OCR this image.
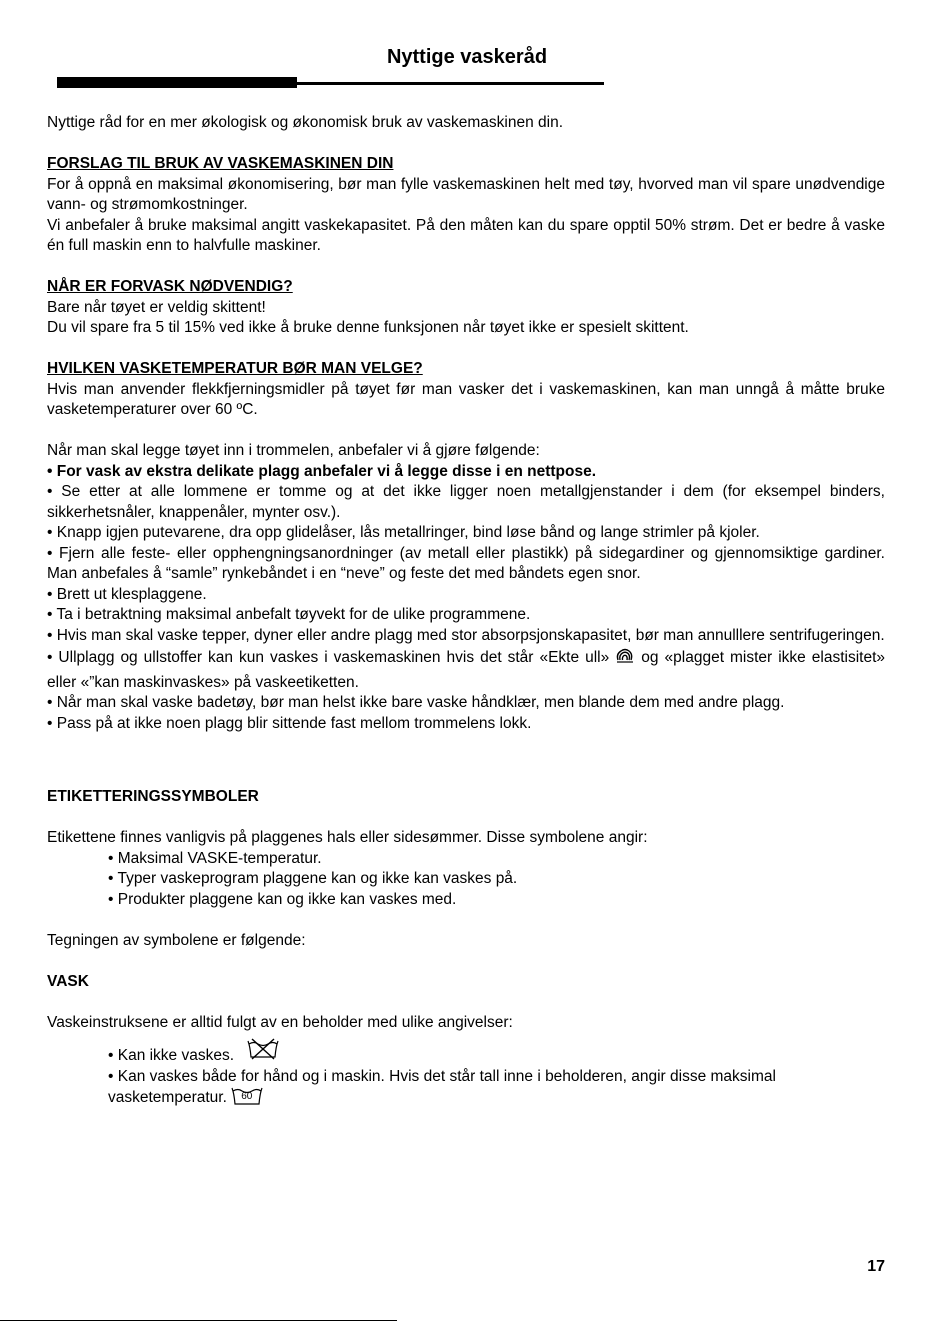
Nyttige vaskeråd

Nyttige råd for en mer økologisk og økonomisk bruk av vaskemaskinen din.

FORSLAG TIL BRUK AV VASKEMASKINEN DIN

For å oppnå en maksimal økonomisering, bør man fylle vaskemaskinen helt med tøy, hvorved man vil spare unødvendige vann- og strømomkostninger.

Vi anbefaler å bruke maksimal angitt vaskekapasitet. På den måten kan du spare opptil 50% strøm. Det er bedre å vaske én full maskin enn to halvfulle maskiner.

NÅR ER FORVASK NØDVENDIG?

Bare når tøyet er veldig skittent!

Du vil spare fra 5 til 15% ved ikke å bruke denne funksjonen når tøyet ikke er spesielt skittent.

HVILKEN VASKETEMPERATUR BØR MAN VELGE?

Hvis man anvender flekkfjerningsmidler på tøyet før man vasker det i vaskemaskinen, kan man unngå å måtte bruke vasketemperaturer over 60 ºC.

Når man skal legge tøyet inn i trommelen, anbefaler vi å gjøre følgende:

• For vask av ekstra delikate plagg anbefaler vi å legge disse i en nettpose.

• Se etter at alle lommene er tomme og at det ikke ligger noen metallgjenstander i dem (for eksempel binders, sikkerhetsnåler, knappenåler, mynter osv.).

• Knapp igjen putevarene, dra opp glidelåser, lås metallringer, bind løse bånd og lange strimler på kjoler.

• Fjern alle feste- eller opphengningsanordninger (av metall eller plastikk) på sidegardiner og gjennomsiktige gardiner. Man anbefales å “samle” rynkebåndet i en “neve” og feste det med båndets egen snor.

• Brett ut klesplaggene.

• Ta i betraktning maksimal anbefalt tøyvekt for de ulike programmene.

• Hvis man skal vaske tepper, dyner eller andre plagg med stor absorpsjonskapasitet, bør man annulllere sentrifugeringen.

• Ullplagg og ullstoffer kan kun vaskes i vaskemaskinen hvis det står «Ekte ull» og «plagget mister ikke elastisitet» eller «”kan maskinvaskes» på vaskeetiketten.

• Når man skal vaske badetøy, bør man helst ikke bare vaske håndklær, men blande dem med andre plagg.

• Pass på at ikke noen plagg blir sittende fast mellom trommelens lokk.

ETIKETTERINGSSYMBOLER

Etikettene finnes vanligvis på plaggenes hals eller sidesømmer. Disse symbolene angir:

• Maksimal VASKE-temperatur.

• Typer vaskeprogram plaggene kan og ikke kan vaskes på.

• Produkter plaggene kan og ikke kan vaskes med.

Tegningen av symbolene er følgende:

VASK

Vaskeinstruksene er alltid fulgt av en beholder med ulike angivelser:

• Kan ikke vaskes.

• Kan vaskes både for hånd og i maskin. Hvis det står tall inne i beholderen, angir disse maksimal vasketemperatur. 60

17
